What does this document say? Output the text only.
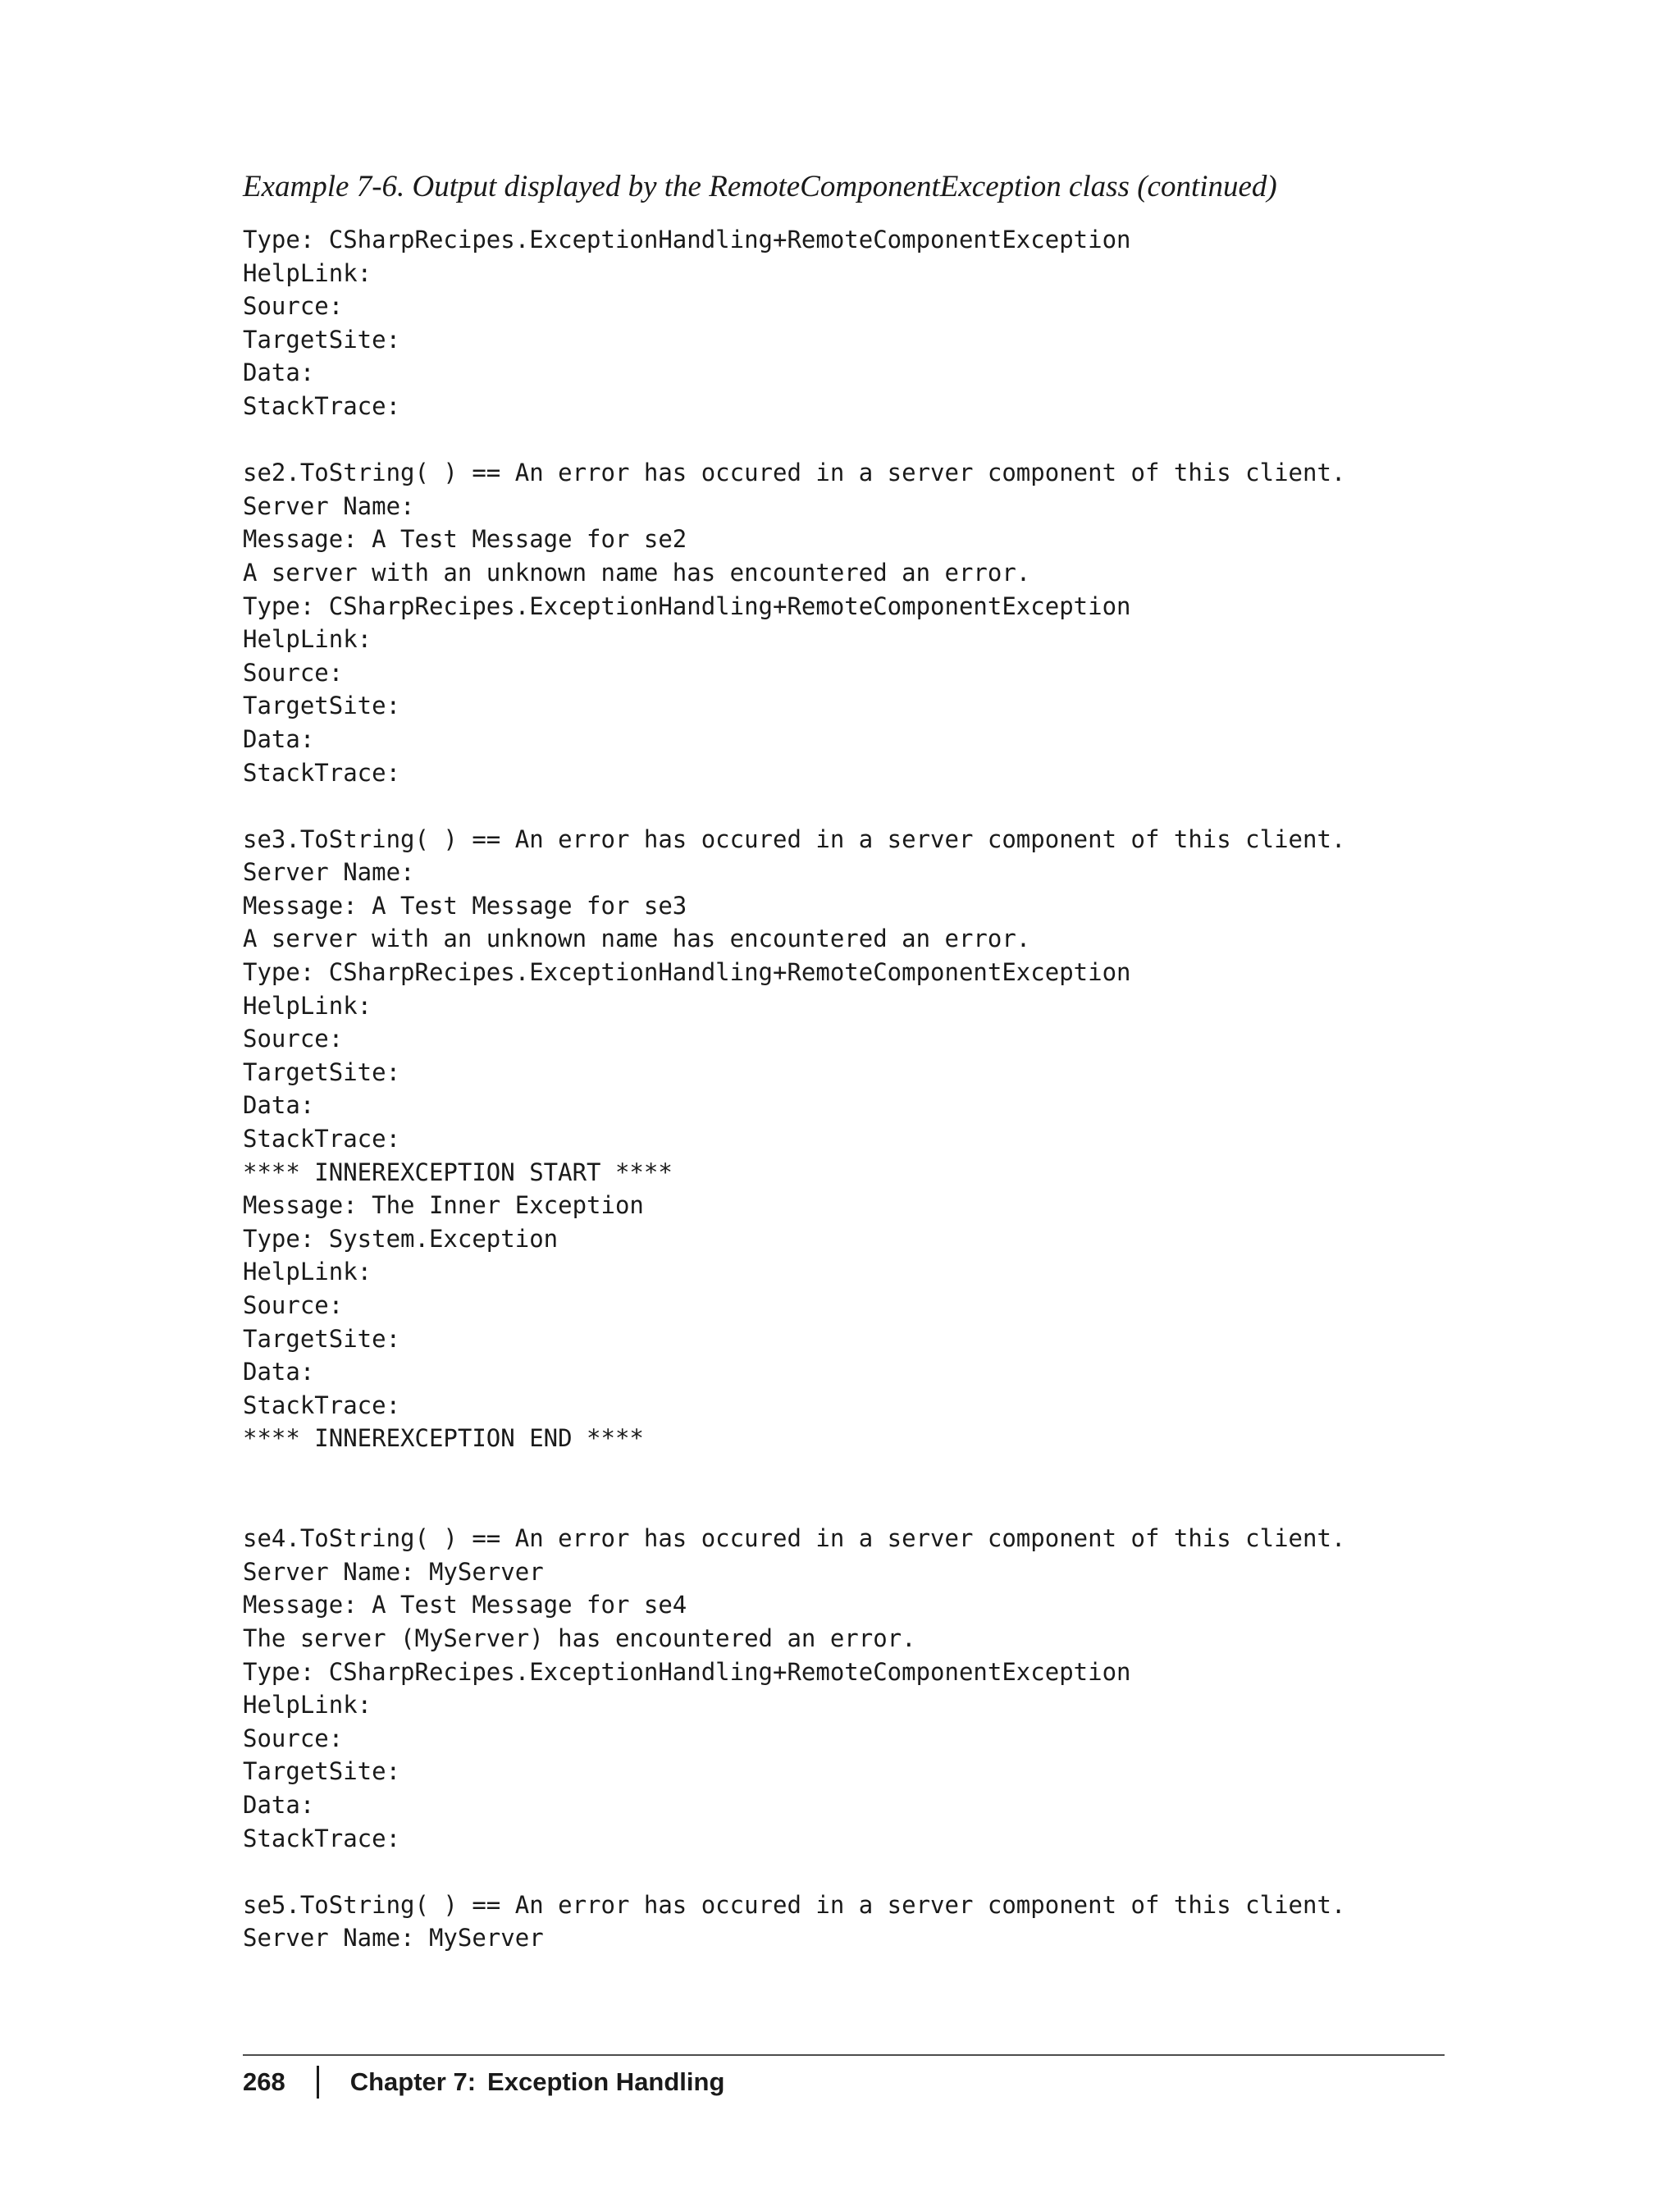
Example 7-6. Output displayed by the RemoteComponentException class (continued)
Type: CSharpRecipes.ExceptionHandling+RemoteComponentException
HelpLink:
Source:
TargetSite:
Data:
StackTrace:
se2.ToString( ) == An error has occured in a server component of this client.
Server Name:
Message: A Test Message for se2
A server with an unknown name has encountered an error.
Type: CSharpRecipes.ExceptionHandling+RemoteComponentException
HelpLink:
Source:
TargetSite:
Data:
StackTrace:
se3.ToString( ) == An error has occured in a server component of this client.
Server Name:
Message: A Test Message for se3
A server with an unknown name has encountered an error.
Type: CSharpRecipes.ExceptionHandling+RemoteComponentException
HelpLink:
Source:
TargetSite:
Data:
StackTrace:
**** INNEREXCEPTION START ****
Message: The Inner Exception
Type: System.Exception
HelpLink:
Source:
TargetSite:
Data:
StackTrace:
**** INNEREXCEPTION END ****
se4.ToString( ) == An error has occured in a server component of this client.
Server Name: MyServer
Message: A Test Message for se4
The server (MyServer) has encountered an error.
Type: CSharpRecipes.ExceptionHandling+RemoteComponentException
HelpLink:
Source:
TargetSite:
Data:
StackTrace:
se5.ToString( ) == An error has occured in a server component of this client.
Server Name: MyServer
268	Chapter 7: Exception Handling
